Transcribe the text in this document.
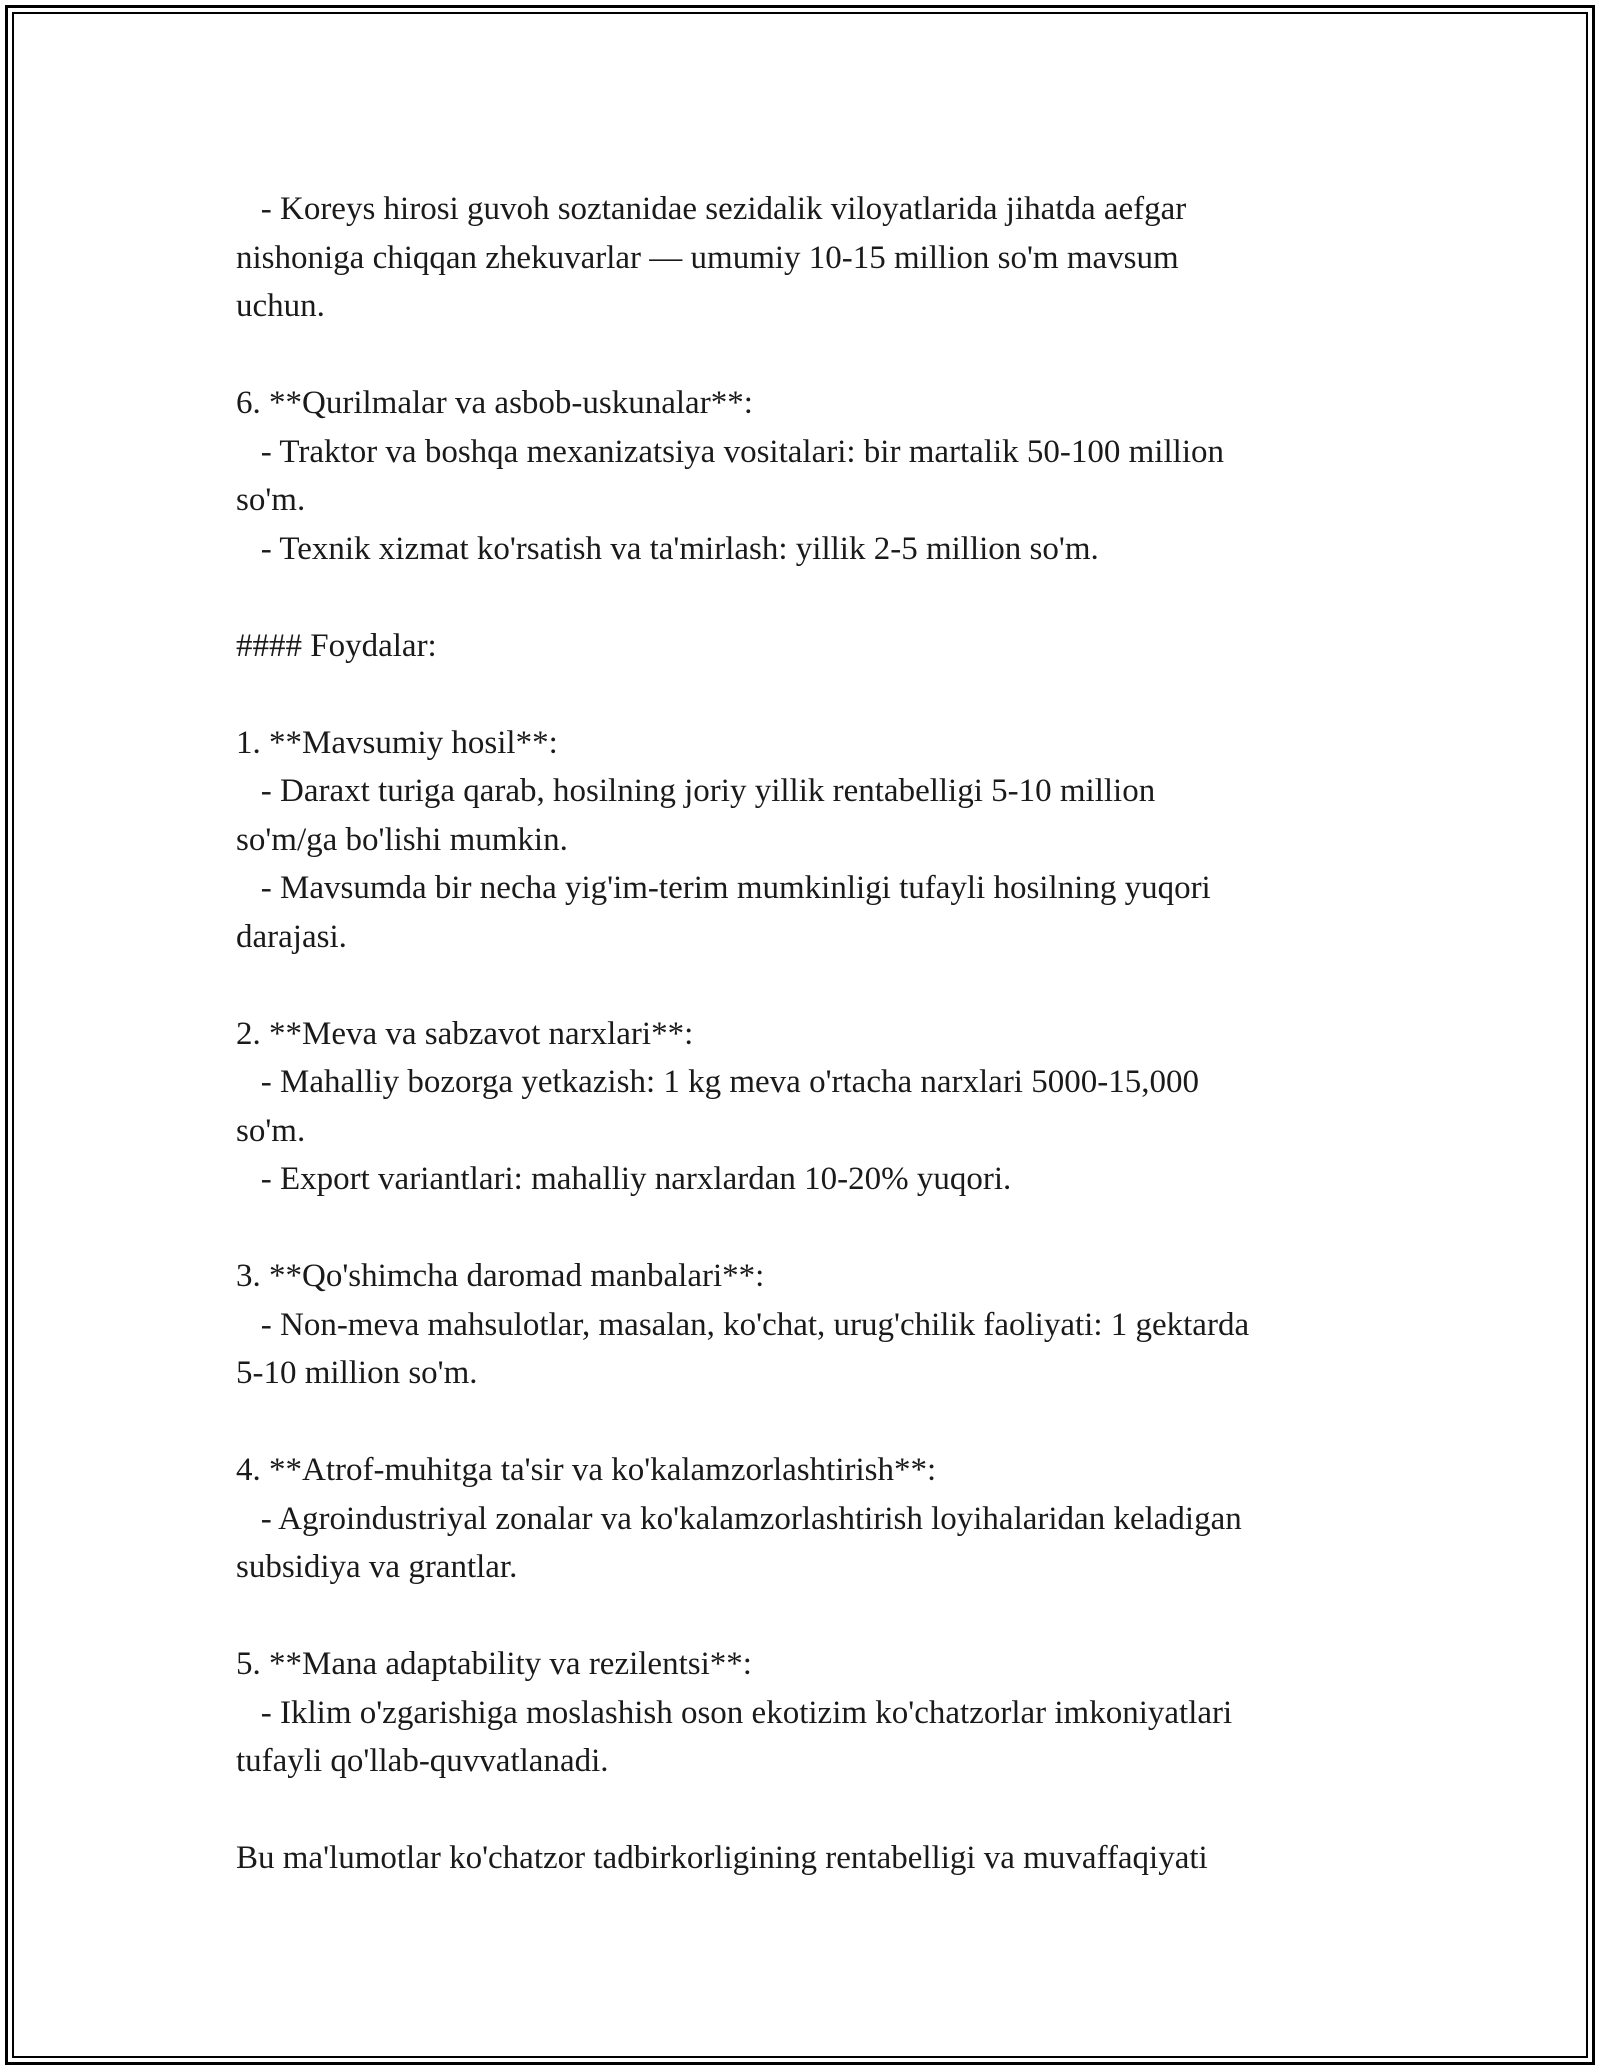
- Koreys hirosi guvoh soztanidae sezidalik viloyatlarida jihatda aefgar
nishoniga chiqqan zhekuvarlar — umumiy 10-15 million so'm mavsum
uchun.
6. **Qurilmalar va asbob-uskunalar**:
- Traktor va boshqa mexanizatsiya vositalari: bir martalik 50-100 million
so'm.
- Texnik xizmat ko'rsatish va ta'mirlash: yillik 2-5 million so'm.
#### Foydalar:
1. **Mavsumiy hosil**:
- Daraxt turiga qarab, hosilning joriy yillik rentabelligi 5-10 million
so'm/ga bo'lishi mumkin.
- Mavsumda bir necha yig'im-terim mumkinligi tufayli hosilning yuqori
darajasi.
2. **Meva va sabzavot narxlari**:
- Mahalliy bozorga yetkazish: 1 kg meva o'rtacha narxlari 5000-15,000
so'm.
- Export variantlari: mahalliy narxlardan 10-20% yuqori.
3. **Qo'shimcha daromad manbalari**:
- Non-meva mahsulotlar, masalan, ko'chat, urug'chilik faoliyati: 1 gektarda
5-10 million so'm.
4. **Atrof-muhitga ta'sir va ko'kalamzorlashtirish**:
- Agroindustriyal zonalar va ko'kalamzorlashtirish loyihalaridan keladigan
subsidiya va grantlar.
5. **Mana adaptability va rezilentsi**:
- Iklim o'zgarishiga moslashish oson ekotizim ko'chatzorlar imkoniyatlari
tufayli qo'llab-quvvatlanadi.
Bu ma'lumotlar ko'chatzor tadbirkorligining rentabelligi va muvaffaqiyati
